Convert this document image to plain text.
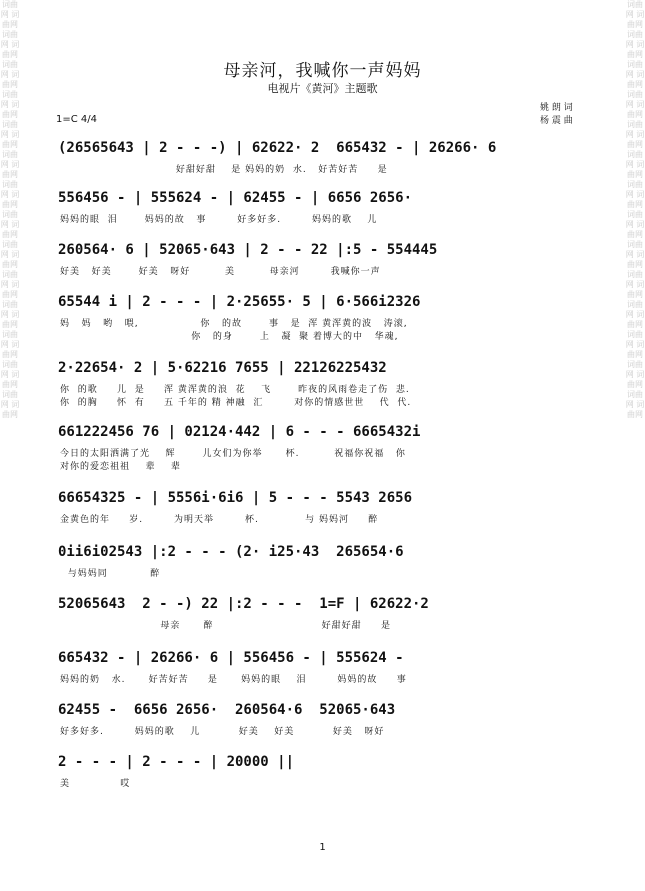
词曲网 词曲网 词曲网 词曲网 词曲网 词曲网 词曲网 词曲网 词曲网 词曲网 词曲网 词曲网 词曲网 词曲网 词曲网 词曲网 词曲网 词曲网 词曲网 词曲网 词曲网 词曲网 词曲网 词曲网 词曲网 词曲网 词曲网 词曲网
词曲网 词曲网 词曲网 词曲网 词曲网 词曲网 词曲网 词曲网 词曲网 词曲网 词曲网 词曲网 词曲网 词曲网 词曲网 词曲网 词曲网 词曲网 词曲网 词曲网 词曲网 词曲网 词曲网 词曲网 词曲网 词曲网 词曲网 词曲网
母亲河，我喊你一声妈妈
电视片《黄河》主题歌
1=C 4/4
姚 朗 词
杨 震 曲
(26565643 | 2 - - -) | 62622· 2  665432 - | 26266· 6
好甜好甜    是 妈妈的奶  水.   好苦好苦     是
556456 - | 555624 - | 62455 - | 6656 2656·
妈妈的眼  泪       妈妈的故   事        好多好多.        妈妈的歌    儿
260564· 6 | 52065·643 | 2 - - 22 |:5 - 554445
好美   好美       好美   呀好         美         母亲河        我喊你一声
65544 i | 2 - - - | 2·25655· 5 | 6·566i2326
妈   妈   哟   喂,                你   的故       事   是  浑 黄浑黄的波   涛滚,
你   的身       上   凝  聚 着博大的中   华魂,
2·22654· 2 | 5·62216 7655 | 22126225432
你  的歌     儿  是     浑 黄浑黄的浪  花    飞       昨夜的风雨卷走了伤  悲.
你  的胸     怀  有     五 千年的 精 神融  汇        对你的情感世世    代  代.
661222456 76 | 02124·442 | 6 - - - 6665432i
今日的太阳洒满了光    辉       儿女们为你举      杯.         祝福你祝福   你
对你的爱恋祖祖    辈    辈
66654325 - | 5556i·6i6 | 5 - - - 5543 2656
金黄色的年     岁.        为明天举        杯.            与 妈妈河     醉
0ii6i02543 |:2 - - - (2· i25·43  265654·6
与妈妈同           醉
52065643  2 - -) 22 |:2 - - -  1=F | 62622·2
母亲      醉                            好甜好甜     是
665432 - | 26266· 6 | 556456 - | 555624 -
妈妈的奶   水.      好苦好苦     是      妈妈的眼    泪        妈妈的故     事
62455 -  6656 2656·  260564·6  52065·643
好多好多.        妈妈的歌    儿          好美    好美          好美   呀好
2 - - - | 2 - - - | 20000 ||
美             哎
1
